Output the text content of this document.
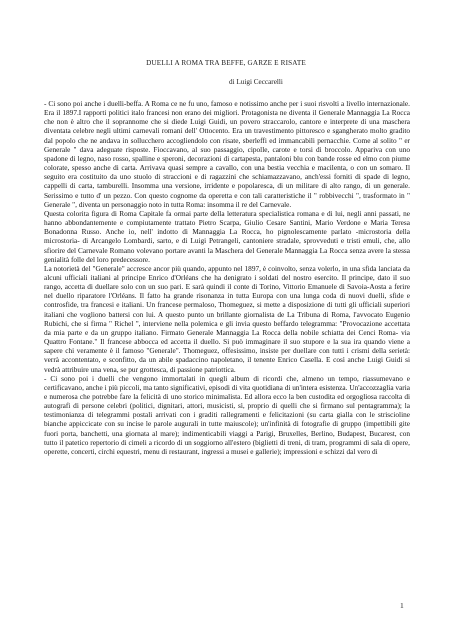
DUELLI A ROMA TRA BEFFE, GARZE E RISATE
di Luigi Ceccarelli

- Ci sono poi anche i duelli-beffa. A Roma ce ne fu uno, famoso e notissimo anche per i suoi risvolti a livello internazionale. Era il 1897.I rapporti politici italo francesi non erano dei migliori. Protagonista ne diventa il Generale Mannaggia La Rocca che non è altro che il soprannome che si diede Luigi Guidi, un povero straccarolo, cantore e interprete di una maschera diventata celebre negli ultimi carnevali romani dell' Ottocento. Era un travestimento pittoresco e sgangherato molto gradito dal popolo che ne andava in sollucchero accogliendolo con risate, sberleffi ed immancabili pernacchie. Come al solito " er Generale " dava adeguate risposte. Fioccavano, al suo passaggio, cipolle, carote e torsi di broccolo. Appariva con uno spadone di legno, naso rosso, spalline e speroni, decorazioni di cartapesta, pantaloni blu con bande rosse ed elmo con piume colorate, spesso anche di carta. Arrivava quasi sempre a cavallo, con una bestia vecchia e macilenta, o con un somaro. Il seguito era costituito da uno stuolo di straccioni e di ragazzini che schiamazzavano, anch'essi forniti di spade di legno, cappelli di carta, tamburelli. Insomma una versione, irridente e popolaresca, di un militare di alto rango, di un generale. Serissimo e tutto d' un pezzo. Con questo cognome da operetta e con tali caratteristiche il " robbivecchi ", trasformato in " Generale ", diventa un personaggio noto in tutta Roma: insomma il re del Carnevale.

Questa colorita figura di Roma Capitale fa ormai parte della letteratura specialistica romana e di lui, negli anni passati, ne hanno abbondantemente e compiutamente trattato Pietro Scarpa, Giulio Cesare Santini, Mario Verdone e Maria Teresa Bonadonna Russo. Anche io, nell' indotto di Mannaggia La Rocca, ho pignolescamente parlato -microstoria della microstoria- di Arcangelo Lombardi, sarto, e di Luigi Petrangeli, cantoniere stradale, sprovveduti e tristi emuli, che, allo sfiorire del Carnevale Romano volevano portare avanti la Maschera del Generale Mannaggia La Rocca senza avere la stessa genialità folle del loro predecessore.

La notorietà del "Generale" accresce ancor più quando, appunto nel 1897, è coinvolto, senza volerlo, in una sfida lanciata da alcuni ufficiali italiani al principe Enrico d'Orléans che ha denigrato i soldati del nostro esercito. Il principe, dato il suo rango, accetta di duellare solo con un suo pari. E sarà quindi il conte di Torino, Vittorio Emanuele di Savoia-Aosta a ferire nel duello riparatore l'Orléans. Il fatto ha grande risonanza in tutta Europa con una lunga coda di nuovi duelli, sfide e controsfide, tra francesi e italiani. Un francese permaloso, Thomeguez, si mette a disposizione di tutti gli ufficiali superiori italiani che vogliono battersi con lui. A questo punto un brillante giornalista de La Tribuna di Roma, l'avvocato Eugenio Rubichi, che si firma " Richel ", interviene nella polemica e gli invia questo beffardo telegramma: "Provocazione accettata da mia parte e da un gruppo italiano. Firmato Generale Mannaggia La Rocca della nobile schiatta dei Cenci Roma- via Quattro Fontane." Il francese abbocca ed accetta il duello. Si può immaginare il suo stupore e la sua ira quando viene a sapere chi veramente è il famoso "Generale". Thomeguez, offesissimo, insiste per duellare con tutti i crismi della serietà: verrà accontentato, e sconfitto, da un abile spadaccino napoletano, il tenente Enrico Casella. E così anche Luigi Guidi si vedrà attribuire una vena, se pur grottesca, di passione patriottica.

- Ci sono poi i duelli che vengono immortalati in quegli album di ricordi che, almeno un tempo, riassumevano e certificavano, anche i più piccoli, ma tanto significativi, episodi di vita quotidiana di un'intera esistenza. Un'accozzaglia varia e numerosa che potrebbe fare la felicità di uno storico minimalista. Ed allora ecco la ben custodita ed orgogliosa raccolta di autografi di persone celebri (politici, dignitari, attori, musicisti, sì, proprio di quelli che si firmano sul pentagramma); la testimonianza di telegrammi postali arrivati con i graditi rallegramenti e felicitazioni (su carta gialla con le striscioline bianche appiccicate con su incise le parole augurali in tutte maiuscole); un'infinità di fotografie di gruppo (impettibili gite fuori porta, banchetti, una giornata al mare); indimenticabili viaggi a Parigi, Bruxelles, Berlino, Budapest, Bucarest, con tutto il patetico repertorio di cimeli a ricordo di un soggiorno all'estero (biglietti di treni, di tram, programmi di sala di opere, operette, concerti, circhi equestri, menu di restaurant, ingressi a musei e gallerie); impressioni e schizzi dal vero di

1
